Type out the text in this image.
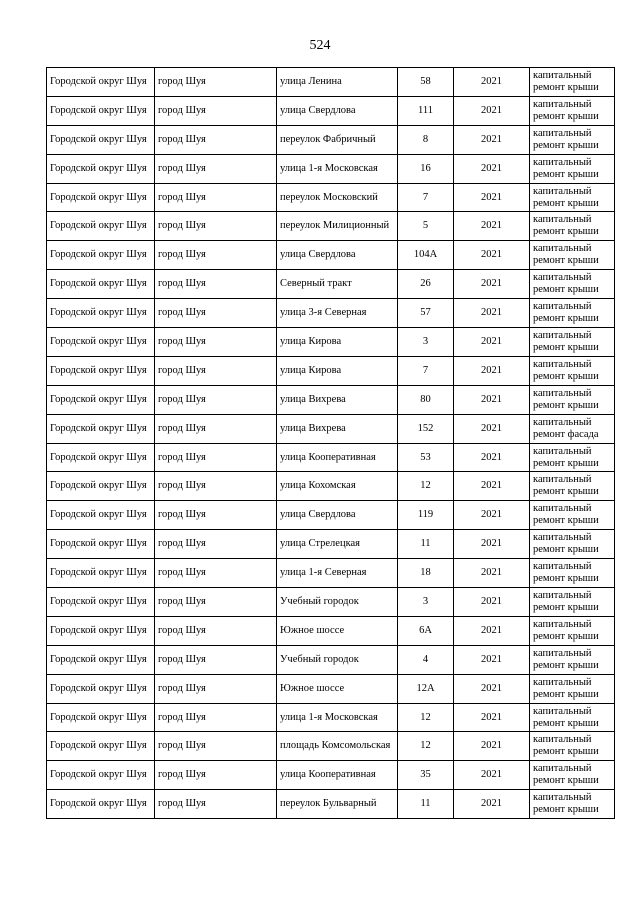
524
Городской округ Шуя	город Шуя	улица Ленина	58	2021	капитальный ремонт крыши
Городской округ Шуя	город Шуя	улица Свердлова	111	2021	капитальный ремонт крыши
Городской округ Шуя	город Шуя	переулок Фабричный	8	2021	капитальный ремонт крыши
Городской округ Шуя	город Шуя	улица 1-я Московская	16	2021	капитальный ремонт крыши
Городской округ Шуя	город Шуя	переулок Московский	7	2021	капитальный ремонт крыши
Городской округ Шуя	город Шуя	переулок Милиционный	5	2021	капитальный ремонт крыши
Городской округ Шуя	город Шуя	улица Свердлова	104А	2021	капитальный ремонт крыши
Городской округ Шуя	город Шуя	Северный тракт	26	2021	капитальный ремонт крыши
Городской округ Шуя	город Шуя	улица 3-я Северная	57	2021	капитальный ремонт крыши
Городской округ Шуя	город Шуя	улица Кирова	3	2021	капитальный ремонт крыши
Городской округ Шуя	город Шуя	улица Кирова	7	2021	капитальный ремонт крыши
Городской округ Шуя	город Шуя	улица Вихрева	80	2021	капитальный ремонт крыши
Городской округ Шуя	город Шуя	улица Вихрева	152	2021	капитальный ремонт фасада
Городской округ Шуя	город Шуя	улица Кооперативная	53	2021	капитальный ремонт крыши
Городской округ Шуя	город Шуя	улица Кохомская	12	2021	капитальный ремонт крыши
Городской округ Шуя	город Шуя	улица Свердлова	119	2021	капитальный ремонт крыши
Городской округ Шуя	город Шуя	улица Стрелецкая	11	2021	капитальный ремонт крыши
Городской округ Шуя	город Шуя	улица 1-я Северная	18	2021	капитальный ремонт крыши
Городской округ Шуя	город Шуя	Учебный городок	3	2021	капитальный ремонт крыши
Городской округ Шуя	город Шуя	Южное шоссе	6А	2021	капитальный ремонт крыши
Городской округ Шуя	город Шуя	Учебный городок	4	2021	капитальный ремонт крыши
Городской округ Шуя	город Шуя	Южное шоссе	12А	2021	капитальный ремонт крыши
Городской округ Шуя	город Шуя	улица 1-я Московская	12	2021	капитальный ремонт крыши
Городской округ Шуя	город Шуя	площадь Комсомольская	12	2021	капитальный ремонт крыши
Городской округ Шуя	город Шуя	улица Кооперативная	35	2021	капитальный ремонт крыши
Городской округ Шуя	город Шуя	переулок Бульварный	11	2021	капитальный ремонт крыши
